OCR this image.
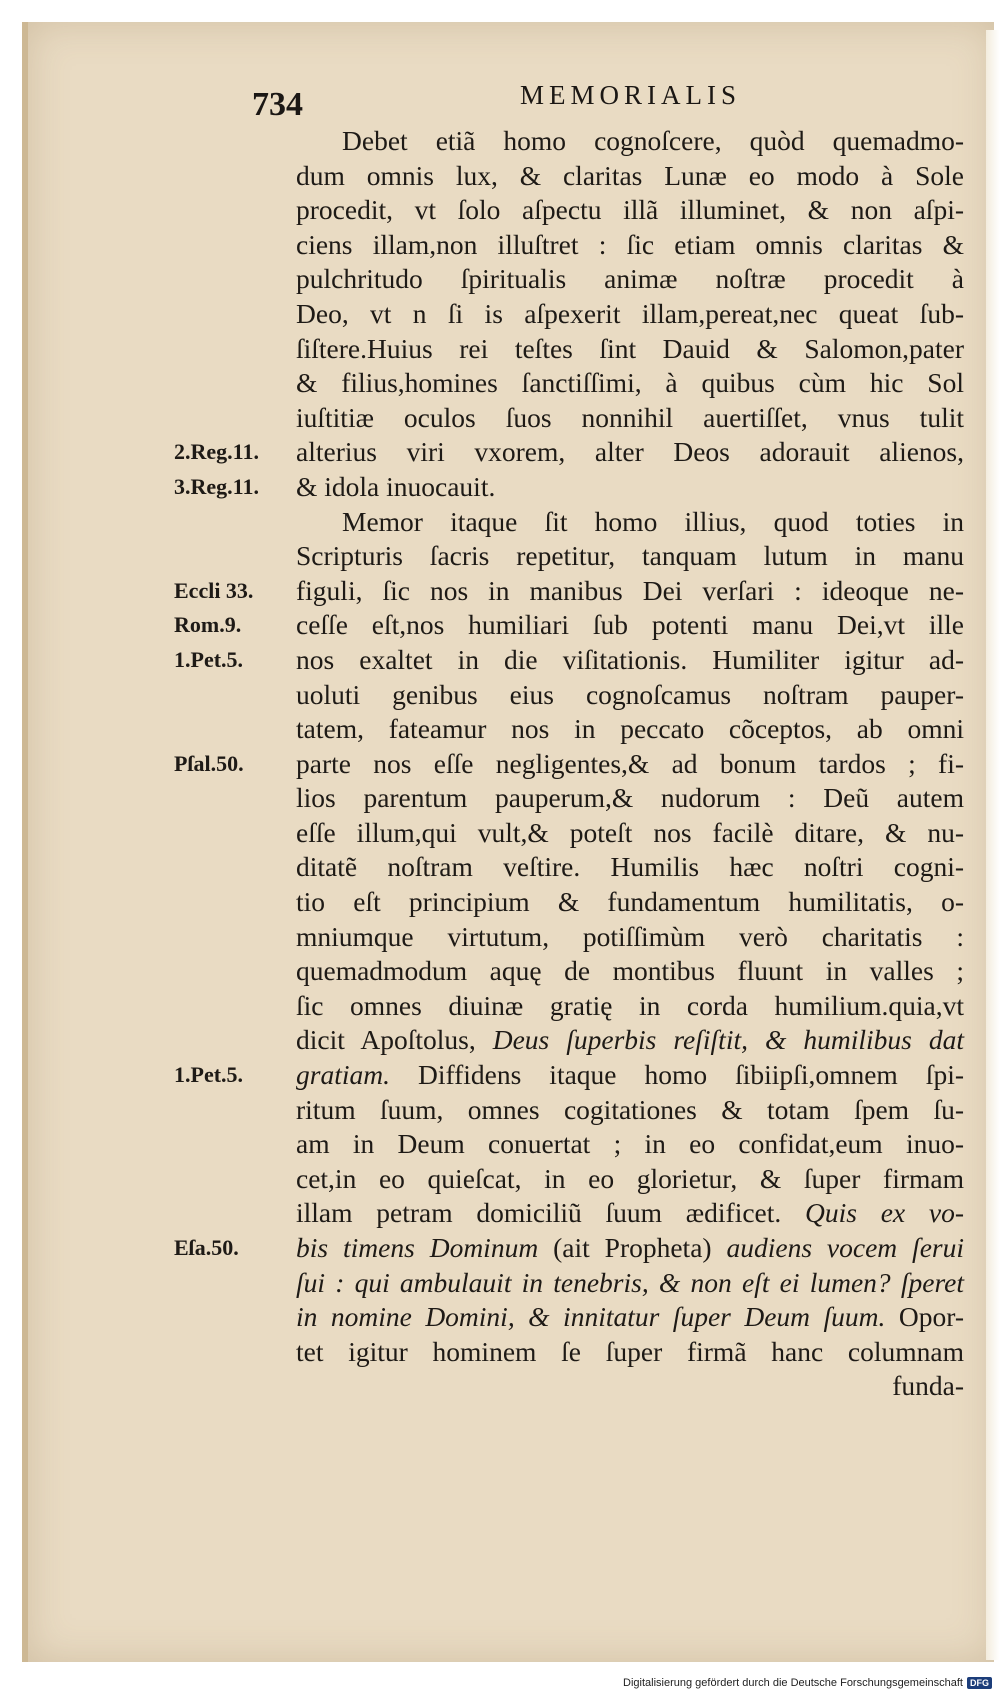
734	MEMORIALIS
Debet etiã homo cognoſcere, quòd quemadmo-
dum omnis lux, & claritas Lunæ eo modo à Sole
procedit, vt ſolo aſpectu illã illuminet, & non aſpi-
ciens illam,non illuſtret : ſic etiam omnis claritas &
pulchritudo ſpiritualis animæ noſtræ procedit à
Deo, vt n ſi is aſpexerit illam,pereat,nec queat ſub-
ſiſtere.Huius rei teſtes ſint Dauid & Salomon,pater
& filius,homines ſanctiſſimi, à quibus cùm hic Sol
iuſtitiæ oculos ſuos nonnihil auertiſſet, vnus tulit
alterius viri vxorem, alter Deos adorauit alienos,
& idola inuocauit.
Memor itaque ſit homo illius, quod toties in
Scripturis ſacris repetitur, tanquam lutum in manu
figuli, ſic nos in manibus Dei verſari : ideoque ne-
ceſſe eſt,nos humiliari ſub potenti manu Dei,vt ille
nos exaltet in die viſitationis. Humiliter igitur ad-
uoluti genibus eius cognoſcamus noſtram pauper-
tatem, fateamur nos in peccato cõceptos, ab omni
parte nos eſſe negligentes,& ad bonum tardos ; fi-
lios parentum pauperum,& nudorum : Deũ autem
eſſe illum,qui vult,& poteſt nos facilè ditare, & nu-
ditatẽ noſtram veſtire. Humilis hæc noſtri cogni-
tio eſt principium & fundamentum humilitatis, o-
mniumque virtutum, potiſſimùm verò charitatis :
quemadmodum aquę de montibus fluunt in valles ;
ſic omnes diuinæ gratię in corda humilium.quia,vt
dicit Apoſtolus, Deus ſuperbis reſiſtit, & humilibus dat
gratiam. Diffidens itaque homo ſibiipſi,omnem ſpi-
ritum ſuum, omnes cogitationes & totam ſpem ſu-
am in Deum conuertat ; in eo confidat,eum inuo-
cet,in eo quieſcat, in eo glorietur, & ſuper firmam
illam petram domiciliũ ſuum ædificet. Quis ex vo-
bis timens Dominum (ait Propheta) audiens vocem ſerui
ſui : qui ambulauit in tenebris, & non eſt ei lumen? ſperet
in nomine Domini, & innitatur ſuper Deum ſuum. Opor-
tet igitur hominem ſe ſuper firmã hanc columnam
funda-
2.Reg.11.
3.Reg.11.
Eccli 33.
Rom.9.
1.Pet.5.
Pſal.50.
1.Pet.5.
Eſa.50.
Digitalisierung gefördert durch die Deutsche Forschungsgemeinschaft DFG
